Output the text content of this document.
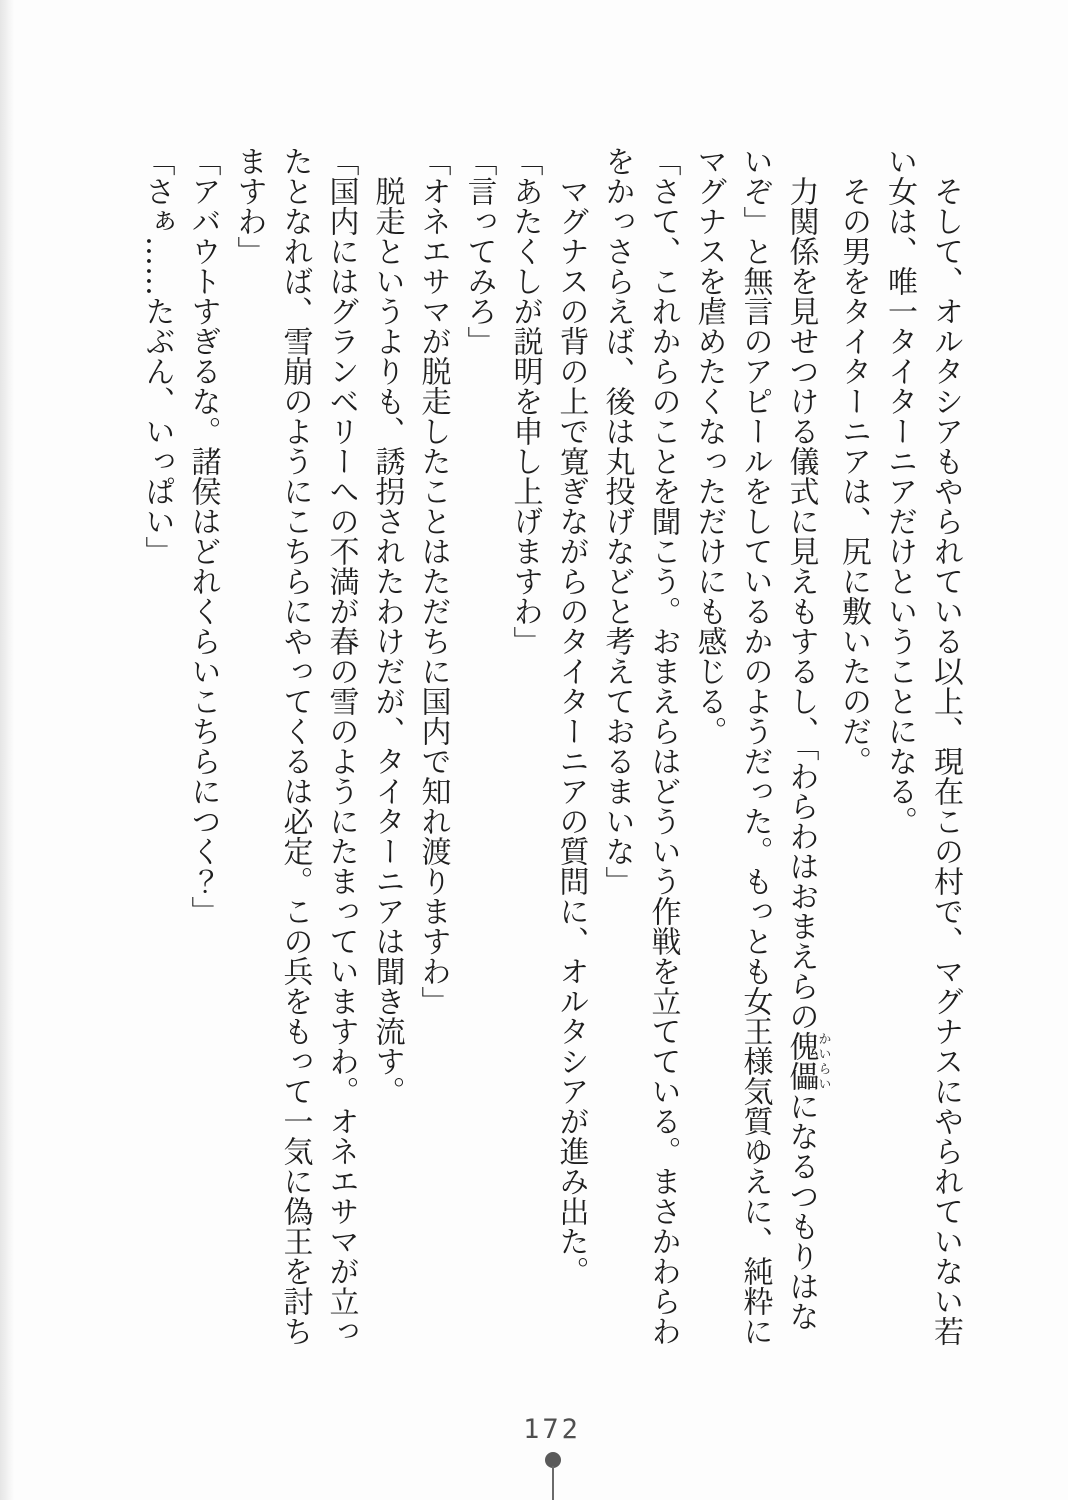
そして、オルタシアもやられている以上、現在この村で、マグナスにやられていない若い女は、唯一タイターニアだけということになる。

その男をタイターニアは、尻に敷いたのだ。

力関係を見せつける儀式に見えもするし、「わらわはおまえらの傀儡かいらいになるつもりはないぞ」と無言のアピールをしているかのようだった。もっとも女王様気質ゆえに、純粋にマグナスを虐めたくなっただけにも感じる。

「さて、これからのことを聞こう。おまえらはどういう作戦を立てている。まさかわらわをかっさらえば、後は丸投げなどと考えておるまいな」

マグナスの背の上で寛ぎながらのタイターニアの質問に、オルタシアが進み出た。

「あたくしが説明を申し上げますわ」

「言ってみろ」

「オネエサマが脱走したことはただちに国内で知れ渡りますわ」

脱走というよりも、誘拐されたわけだが、タイターニアは聞き流す。

「国内にはグランベリーへの不満が春の雪のようにたまっていますわ。オネエサマが立ったとなれば、雪崩のようにこちらにやってくるは必定。この兵をもって一気に偽王を討ちますわ」

「アバウトすぎるな。諸侯はどれくらいこちらにつく？」

「さぁ……たぶん、いっぱい」

172
